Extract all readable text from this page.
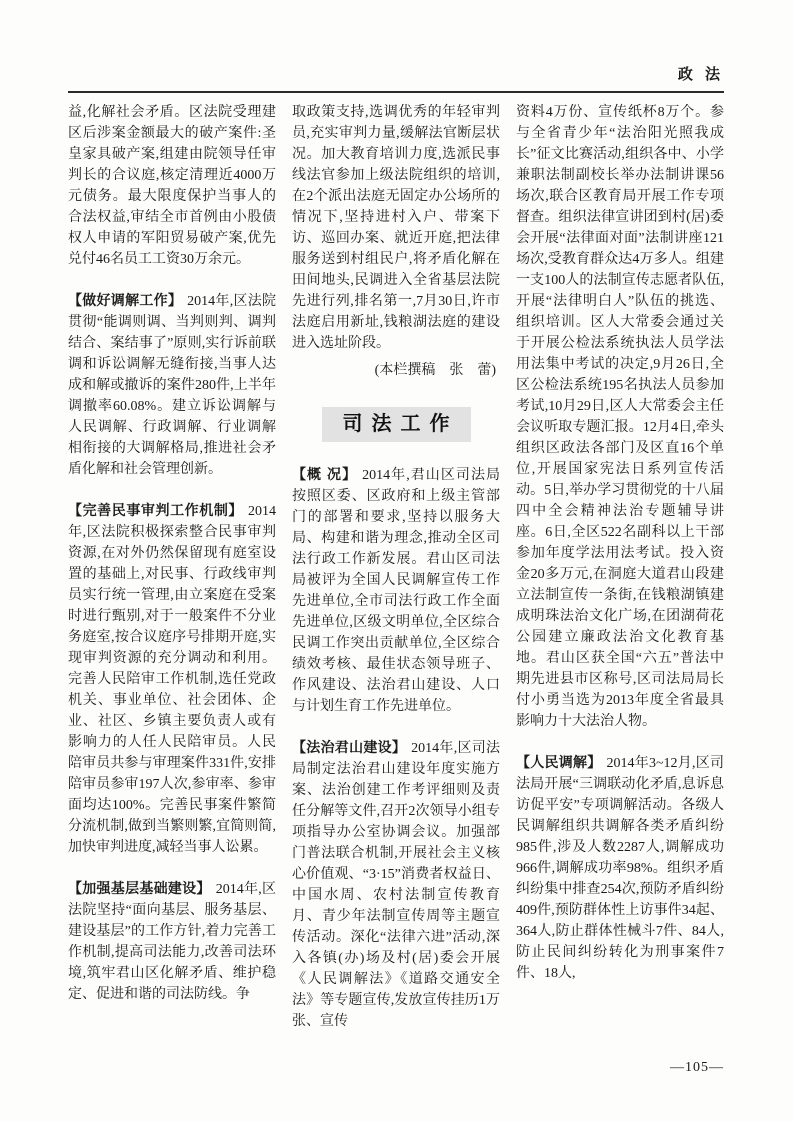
政 法

益,化解社会矛盾。区法院受理建区后涉案金额最大的破产案件:圣皇家具破产案,组建由院领导任审判长的合议庭,核定清理近4000万元债务。最大限度保护当事人的合法权益,审结全市首例由小股债权人申请的军阳贸易破产案,优先兑付46名员工工资30万余元。

【做好调解工作】 2014年,区法院贯彻“能调则调、当判则判、调判结合、案结事了”原则,实行诉前联调和诉讼调解无缝衔接,当事人达成和解或撤诉的案件280件,上半年调撤率60.08%。建立诉讼调解与人民调解、行政调解、行业调解相衔接的大调解格局,推进社会矛盾化解和社会管理创新。

【完善民事审判工作机制】 2014年,区法院积极探索整合民事审判资源,在对外仍然保留现有庭室设置的基础上,对民事、行政线审判员实行统一管理,由立案庭在受案时进行甄别,对于一般案件不分业务庭室,按合议庭序号排期开庭,实现审判资源的充分调动和利用。完善人民陪审工作机制,选任党政机关、事业单位、社会团体、企业、社区、乡镇主要负责人或有影响力的人任人民陪审员。人民陪审员共参与审理案件331件,安排陪审员参审197人次,参审率、参审面均达100%。完善民事案件繁简分流机制,做到当繁则繁,宜简则简,加快审判进度,减轻当事人讼累。

【加强基层基础建设】 2014年,区法院坚持“面向基层、服务基层、建设基层”的工作方针,着力完善工作机制,提高司法能力,改善司法环境,筑牢君山区化解矛盾、维护稳定、促进和谐的司法防线。争

取政策支持,选调优秀的年轻审判员,充实审判力量,缓解法官断层状况。加大教育培训力度,选派民事线法官参加上级法院组织的培训,在2个派出法庭无固定办公场所的情况下,坚持进村入户、带案下访、巡回办案、就近开庭,把法律服务送到村组民户,将矛盾化解在田间地头,民调进入全省基层法院先进行列,排名第一,7月30日,许市法庭启用新址,钱粮湖法庭的建设进入选址阶段。

(本栏撰稿　张　蕾)
司法工作

【概 况】 2014年,君山区司法局按照区委、区政府和上级主管部门的部署和要求,坚持以服务大局、构建和谐为理念,推动全区司法行政工作新发展。君山区司法局被评为全国人民调解宣传工作先进单位,全市司法行政工作全面先进单位,区级文明单位,全区综合民调工作突出贡献单位,全区综合绩效考核、最佳状态领导班子、作风建设、法治君山建设、人口与计划生育工作先进单位。

【法治君山建设】 2014年,区司法局制定法治君山建设年度实施方案、法治创建工作考评细则及责任分解等文件,召开2次领导小组专项指导办公室协调会议。加强部门普法联合机制,开展社会主义核心价值观、“3·15”消费者权益日、中国水周、农村法制宣传教育月、青少年法制宣传周等主题宣传活动。深化“法律六进”活动,深入各镇(办)场及村(居)委会开展《人民调解法》《道路交通安全法》等专题宣传,发放宣传挂历1万张、宣传

资料4万份、宣传纸杯8万个。参与全省青少年“法治阳光照我成长”征文比赛活动,组织各中、小学兼职法制副校长举办法制讲课56场次,联合区教育局开展工作专项督查。组织法律宣讲团到村(居)委会开展“法律面对面”法制讲座121场次,受教育群众达4万多人。组建一支100人的法制宣传志愿者队伍,开展“法律明白人”队伍的挑选、组织培训。区人大常委会通过关于开展公检法系统执法人员学法用法集中考试的决定,9月26日,全区公检法系统195名执法人员参加考试,10月29日,区人大常委会主任会议听取专题汇报。12月4日,牵头组织区政法各部门及区直16个单位,开展国家宪法日系列宣传活动。5日,举办学习贯彻党的十八届四中全会精神法治专题辅导讲座。6日,全区522名副科以上干部参加年度学法用法考试。投入资金20多万元,在洞庭大道君山段建立法制宣传一条街,在钱粮湖镇建成明珠法治文化广场,在团湖荷花公园建立廉政法治文化教育基地。君山区获全国“六五”普法中期先进县市区称号,区司法局局长付小勇当选为2013年度全省最具影响力十大法治人物。

【人民调解】 2014年3~12月,区司法局开展“三调联动化矛盾,息诉息访促平安”专项调解活动。各级人民调解组织共调解各类矛盾纠纷985件,涉及人数2287人,调解成功966件,调解成功率98%。组织矛盾纠纷集中排查254次,预防矛盾纠纷409件,预防群体性上访事件34起、364人,防止群体性械斗7件、84人,防止民间纠纷转化为刑事案件7件、18人,

—105—
